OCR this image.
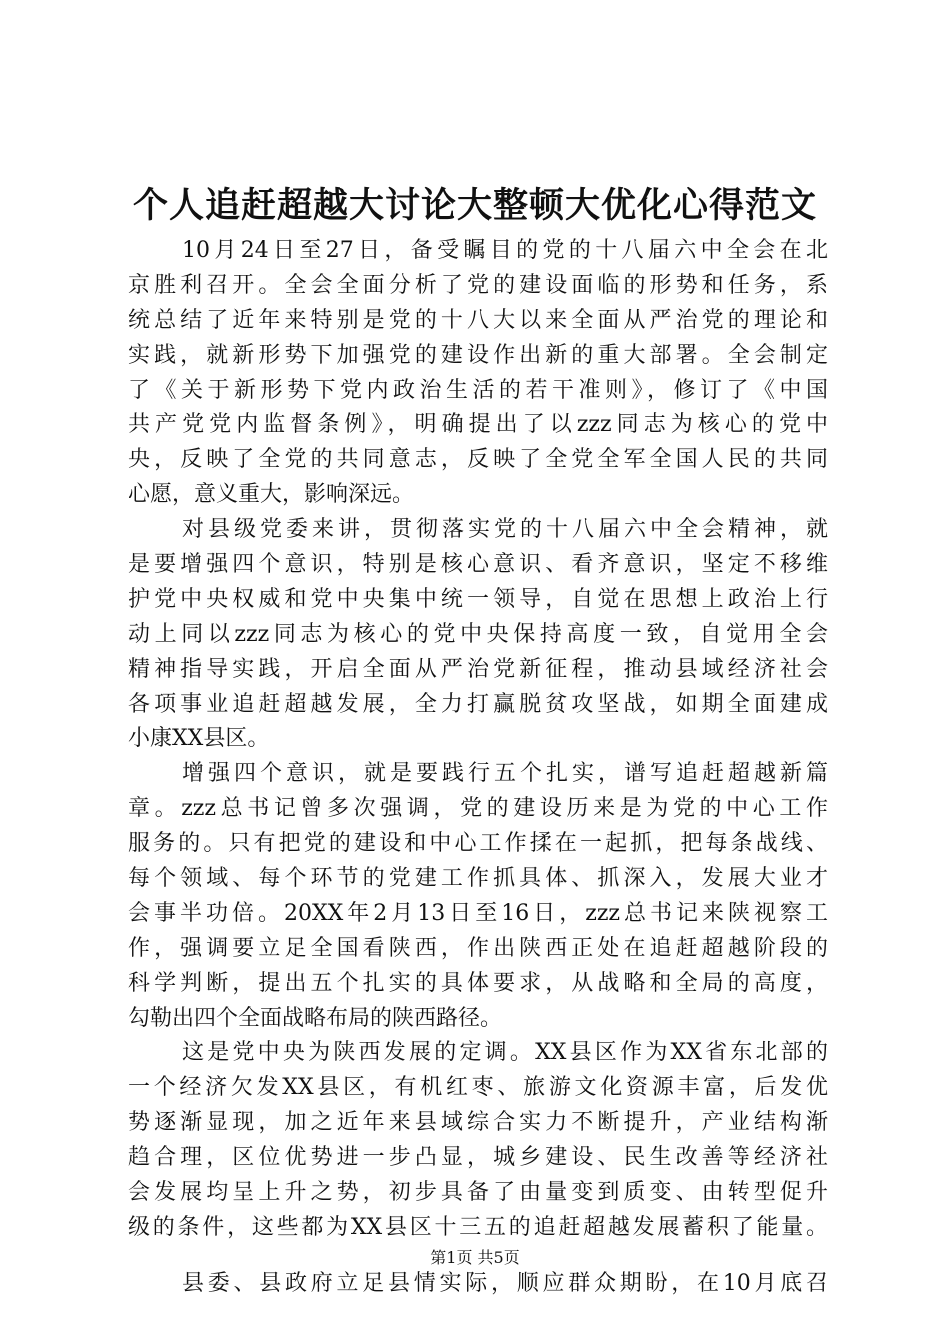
个人追赶超越大讨论大整顿大优化心得范文
10月24日至27日，备受瞩目的党的十八届六中全会在北
京胜利召开。全会全面分析了党的建设面临的形势和任务，系
统总结了近年来特别是党的十八大以来全面从严治党的理论和
实践，就新形势下加强党的建设作出新的重大部署。全会制定
了《关于新形势下党内政治生活的若干准则》，修订了《中国
共产党党内监督条例》，明确提出了以zzz同志为核心的党中
央，反映了全党的共同意志，反映了全党全军全国人民的共同
心愿，意义重大，影响深远。
对县级党委来讲，贯彻落实党的十八届六中全会精神，就
是要增强四个意识，特别是核心意识、看齐意识，坚定不移维
护党中央权威和党中央集中统一领导，自觉在思想上政治上行
动上同以zzz同志为核心的党中央保持高度一致，自觉用全会
精神指导实践，开启全面从严治党新征程，推动县域经济社会
各项事业追赶超越发展，全力打赢脱贫攻坚战，如期全面建成
小康XX县区。
增强四个意识，就是要践行五个扎实，谱写追赶超越新篇
章。zzz总书记曾多次强调，党的建设历来是为党的中心工作
服务的。只有把党的建设和中心工作揉在一起抓，把每条战线、
每个领域、每个环节的党建工作抓具体、抓深入，发展大业才
会事半功倍。20XX年2月13日至16日，zzz总书记来陕视察工
作，强调要立足全国看陕西，作出陕西正处在追赶超越阶段的
科学判断，提出五个扎实的具体要求，从战略和全局的高度，
勾勒出四个全面战略布局的陕西路径。
这是党中央为陕西发展的定调。XX县区作为XX省东北部的
一个经济欠发XX县区，有机红枣、旅游文化资源丰富，后发优
势逐渐显现，加之近年来县域综合实力不断提升，产业结构渐
趋合理，区位优势进一步凸显，城乡建设、民生改善等经济社
会发展均呈上升之势，初步具备了由量变到质变、由转型促升
级的条件，这些都为XX县区十三五的追赶超越发展蓄积了能量。
县委、县政府立足县情实际，顺应群众期盼，在10月底召
第1页 共5页
